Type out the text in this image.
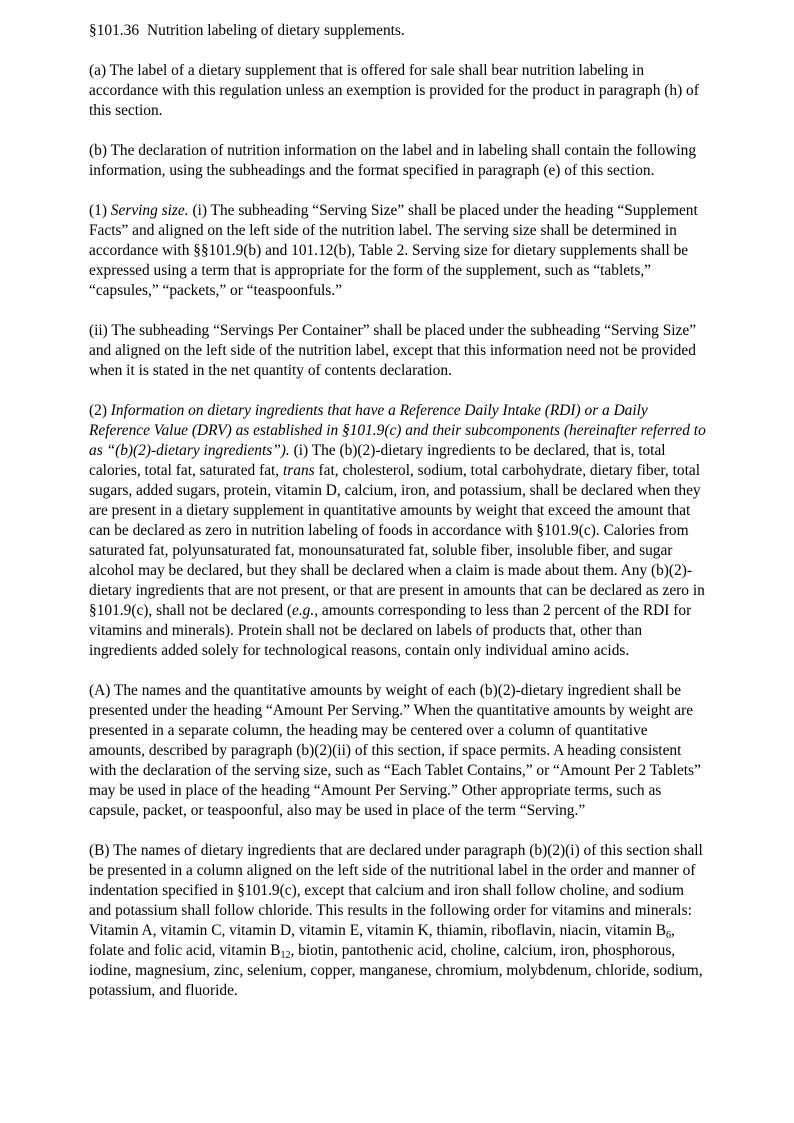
§101.36 Nutrition labeling of dietary supplements.

(a) The label of a dietary supplement that is offered for sale shall bear nutrition labeling in accordance with this regulation unless an exemption is provided for the product in paragraph (h) of this section.

(b) The declaration of nutrition information on the label and in labeling shall contain the following information, using the subheadings and the format specified in paragraph (e) of this section.

(1) Serving size. (i) The subheading “Serving Size” shall be placed under the heading “Supplement Facts” and aligned on the left side of the nutrition label. The serving size shall be determined in accordance with §§101.9(b) and 101.12(b), Table 2. Serving size for dietary supplements shall be expressed using a term that is appropriate for the form of the supplement, such as “tablets,” “capsules,” “packets,” or “teaspoonfuls.”

(ii) The subheading “Servings Per Container” shall be placed under the subheading “Serving Size” and aligned on the left side of the nutrition label, except that this information need not be provided when it is stated in the net quantity of contents declaration.

(2) Information on dietary ingredients that have a Reference Daily Intake (RDI) or a Daily Reference Value (DRV) as established in §101.9(c) and their subcomponents (hereinafter referred to as “(b)(2)-dietary ingredients”). (i) The (b)(2)-dietary ingredients to be declared, that is, total calories, total fat, saturated fat, trans fat, cholesterol, sodium, total carbohydrate, dietary fiber, total sugars, added sugars, protein, vitamin D, calcium, iron, and potassium, shall be declared when they are present in a dietary supplement in quantitative amounts by weight that exceed the amount that can be declared as zero in nutrition labeling of foods in accordance with §101.9(c). Calories from saturated fat, polyunsaturated fat, monounsaturated fat, soluble fiber, insoluble fiber, and sugar alcohol may be declared, but they shall be declared when a claim is made about them. Any (b)(2)-dietary ingredients that are not present, or that are present in amounts that can be declared as zero in §101.9(c), shall not be declared (e.g., amounts corresponding to less than 2 percent of the RDI for vitamins and minerals). Protein shall not be declared on labels of products that, other than ingredients added solely for technological reasons, contain only individual amino acids.

(A) The names and the quantitative amounts by weight of each (b)(2)-dietary ingredient shall be presented under the heading “Amount Per Serving.” When the quantitative amounts by weight are presented in a separate column, the heading may be centered over a column of quantitative amounts, described by paragraph (b)(2)(ii) of this section, if space permits. A heading consistent with the declaration of the serving size, such as “Each Tablet Contains,” or “Amount Per 2 Tablets” may be used in place of the heading “Amount Per Serving.” Other appropriate terms, such as capsule, packet, or teaspoonful, also may be used in place of the term “Serving.”

(B) The names of dietary ingredients that are declared under paragraph (b)(2)(i) of this section shall be presented in a column aligned on the left side of the nutritional label in the order and manner of indentation specified in §101.9(c), except that calcium and iron shall follow choline, and sodium and potassium shall follow chloride. This results in the following order for vitamins and minerals: Vitamin A, vitamin C, vitamin D, vitamin E, vitamin K, thiamin, riboflavin, niacin, vitamin $B_6$, folate and folic acid, vitamin $B_{12}$, biotin, pantothenic acid, choline, calcium, iron, phosphorous, iodine, magnesium, zinc, selenium, copper, manganese, chromium, molybdenum, chloride, sodium, potassium, and fluoride.
